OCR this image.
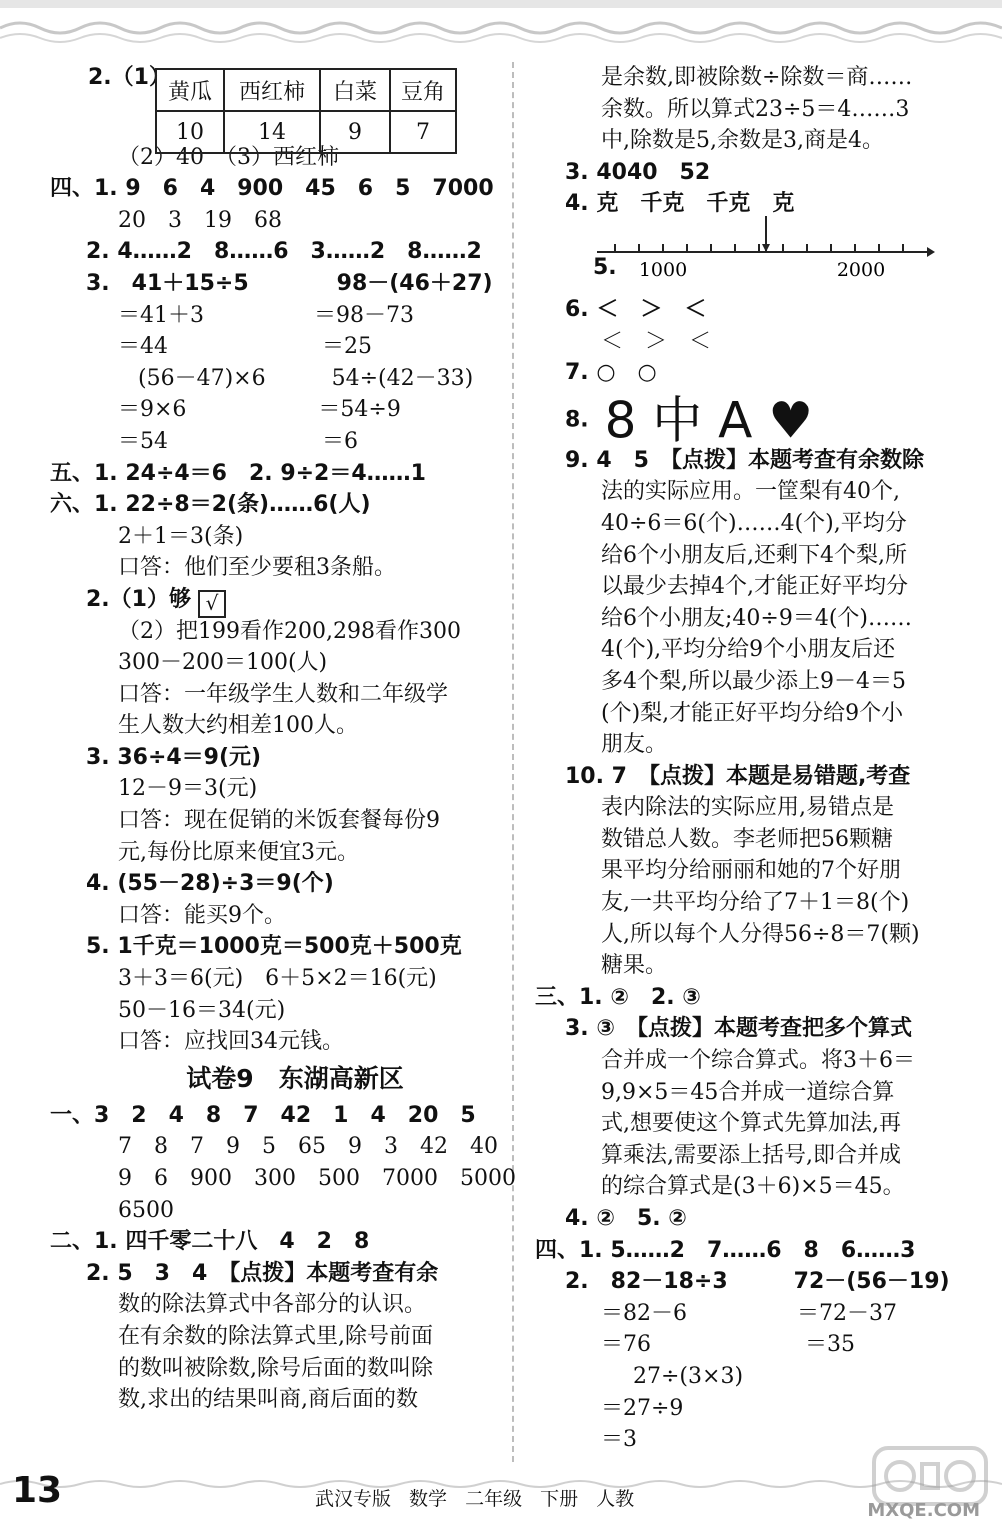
2.（1）
（2）40　（3）西红柿
四、1. 9　6　4　900　45　6　5　7000
20　3　19　68
2. 4……2　8……6　3……2　8……2
3.　41＋15÷5　　　　98－(46＋27)
＝41＋3　　　　　＝98－73
＝44　　　　　　　＝25
(56－47)×6　　　54÷(42－33)
＝9×6　　　　　　＝54÷9
＝54　　　　　　　＝6
五、1. 24÷4＝6　2. 9÷2＝4……1
六、1. 22÷8＝2(条)……6(人)
2＋1＝3(条)
口答：他们至少要租3条船。
2.（1）够 √
（2）把199看作200,298看作300
300－200＝100(人)
口答：一年级学生人数和二年级学
生人数大约相差100人。
3. 36÷4＝9(元)
12－9＝3(元)
口答：现在促销的米饭套餐每份9
元,每份比原来便宜3元。
4. (55－28)÷3＝9(个)
口答：能买9个。
5. 1千克＝1000克＝500克＋500克
3＋3＝6(元)　6＋5×2＝16(元)
50－16＝34(元)
口答：应找回34元钱。
试卷9　东湖高新区
一、3　2　4　8　7　42　1　4　20　5
7　8　7　9　5　65　9　3　42　40
9　6　900　300　500　7000　5000
6500
二、1. 四千零二十八　4　2　8
2. 5　3　4　【点拨】本题考查有余
数的除法算式中各部分的认识。
在有余数的除法算式里,除号前面
的数叫被除数,除号后面的数叫除
数,求出的结果叫商,商后面的数
黄瓜	西红柿	白菜	豆角
10	14	9	7
是余数,即被除数÷除数＝商……
余数。所以算式23÷5＝4……3
中,除数是5,余数是3,商是4。
3. 4040　52
4. 克　千克　千克　克

5.
1000	2000

6. ＜　＞　＜
＜　＞　＜
7. ○　○
8. 8 中 A ♥
9. 4　5　【点拨】本题考查有余数除
法的实际应用。一筐梨有40个,
40÷6＝6(个)……4(个),平均分
给6个小朋友后,还剩下4个梨,所
以最少去掉4个,才能正好平均分
给6个小朋友;40÷9＝4(个)……
4(个),平均分给9个小朋友后还
多4个梨,所以最少添上9－4＝5
(个)梨,才能正好平均分给9个小
朋友。
10. 7　【点拨】本题是易错题,考查
表内除法的实际应用,易错点是
数错总人数。李老师把56颗糖
果平均分给丽丽和她的7个好朋
友,一共平均分给了7＋1＝8(个)
人,所以每个人分得56÷8＝7(颗)
糖果。
三、1. ②　2. ③
3. ③　【点拨】本题考查把多个算式
合并成一个综合算式。将3＋6＝
9,9×5＝45合并成一道综合算
式,想要使这个算式先算加法,再
算乘法,需要添上括号,即合并成
的综合算式是(3＋6)×5＝45。
4. ②　5. ②
四、1. 5……2　7……6　8　6……3
2.　82－18÷3　　　72－(56－19)
＝82－6　　　　　＝72－37
＝76　　　　　　　＝35
27÷(3×3)
＝27÷9
＝3
13	武汉专版 数学 二年级 下册 人教
MXQE.COM
